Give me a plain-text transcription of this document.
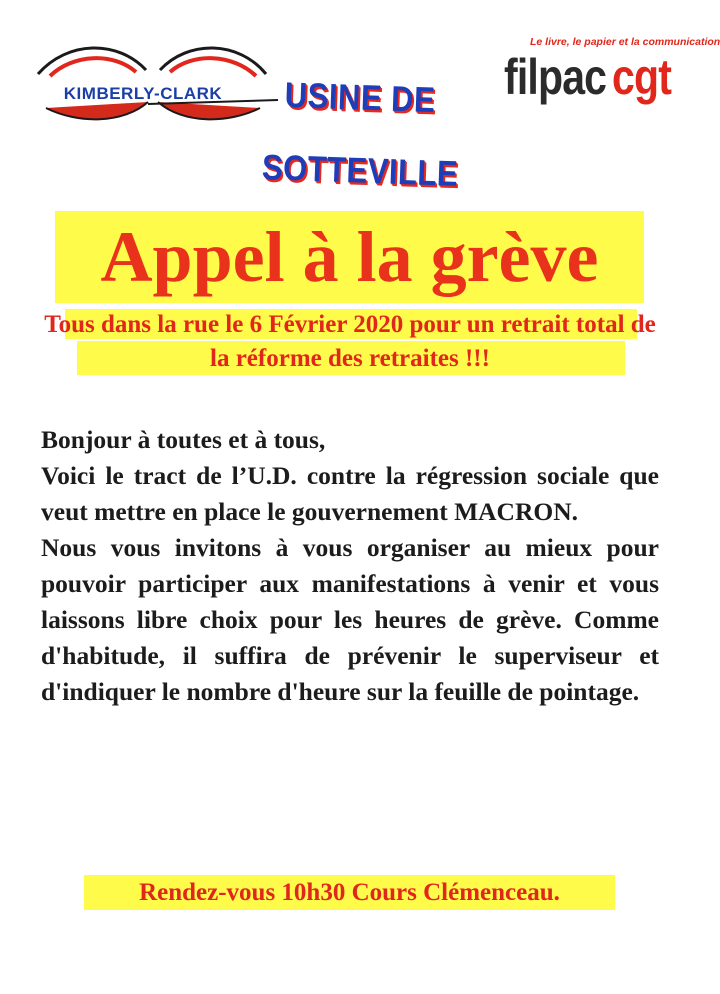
KIMBERLY-CLARK	USINE DE
SOTTEVILLE
Le livre, le papier et la communication
filpac cgt
Appel à la grève
Tous dans la rue le 6 Février 2020 pour un retrait total de la réforme des retraites !!!

Bonjour à toutes et à tous,

Voici le tract de l’U.D. contre la régression sociale que veut mettre en place le gouvernement MACRON.

Nous vous invitons à vous organiser au mieux pour pouvoir participer aux manifestations à venir et vous laissons libre choix pour les heures de grève. Comme d'habitude, il suffira de prévenir le superviseur et d'indiquer le nombre d'heure sur la feuille de pointage.

Rendez-vous 10h30 Cours Clémenceau.
